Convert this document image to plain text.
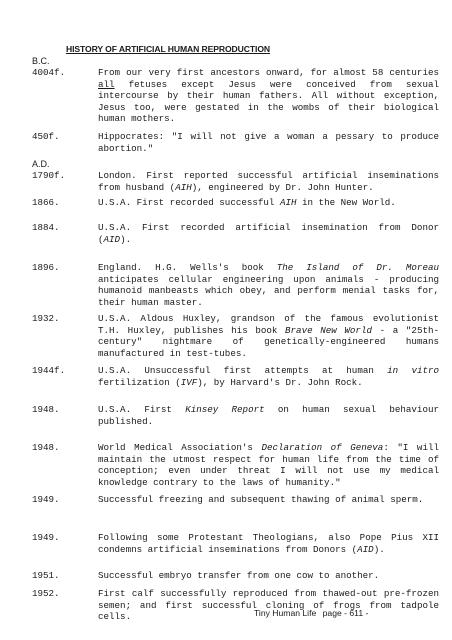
HISTORY OF ARTIFICIAL HUMAN REPRODUCTION
B.C.
A.D.
4004f.	From our very first ancestors onward, for almost 58 centuries all fetuses except Jesus were conceived from sexual intercourse by their human fathers. All without exception, Jesus too, were gestated in the wombs of their biological human mothers.
450f.	Hippocrates: "I will not give a woman a pessary to produce abortion."
1790f.	London. First reported successful artificial inseminations from husband (AIH), engineered by Dr. John Hunter.
1866.	U.S.A. First recorded successful AIH in the New World.
1884.	U.S.A. First recorded artificial insemination from Donor (AID).
1896.	England. H.G. Wells's book The Island of Dr. Moreau anticipates cellular engineering upon animals - producing humanoid manbeasts which obey, and perform menial tasks for, their human master.
1932.	U.S.A. Aldous Huxley, grandson of the famous evolutionist T.H. Huxley, publishes his book Brave New World - a "25th-century" nightmare of genetically-engineered humans manufactured in test-tubes.
1944f.	U.S.A. Unsuccessful first attempts at human in vitro fertilization (IVF), by Harvard's Dr. John Rock.
1948.	U.S.A. First Kinsey Report on human sexual behaviour published.
1948.	World Medical Association's Declaration of Geneva: "I will maintain the utmost respect for human life from the time of conception; even under threat I will not use my medical knowledge contrary to the laws of humanity."
1949.	Successful freezing and subsequent thawing of animal sperm.
1949.	Following some Protestant Theologians, also Pope Pius XII condemns artificial inseminations from Donors (AID).
1951.	Successful embryo transfer from one cow to another.
1952.	First calf successfully reproduced from thawed-out pre-frozen semen; and first successful cloning of frogs from tadpole cells.	Tiny Human Life page - 611 -
